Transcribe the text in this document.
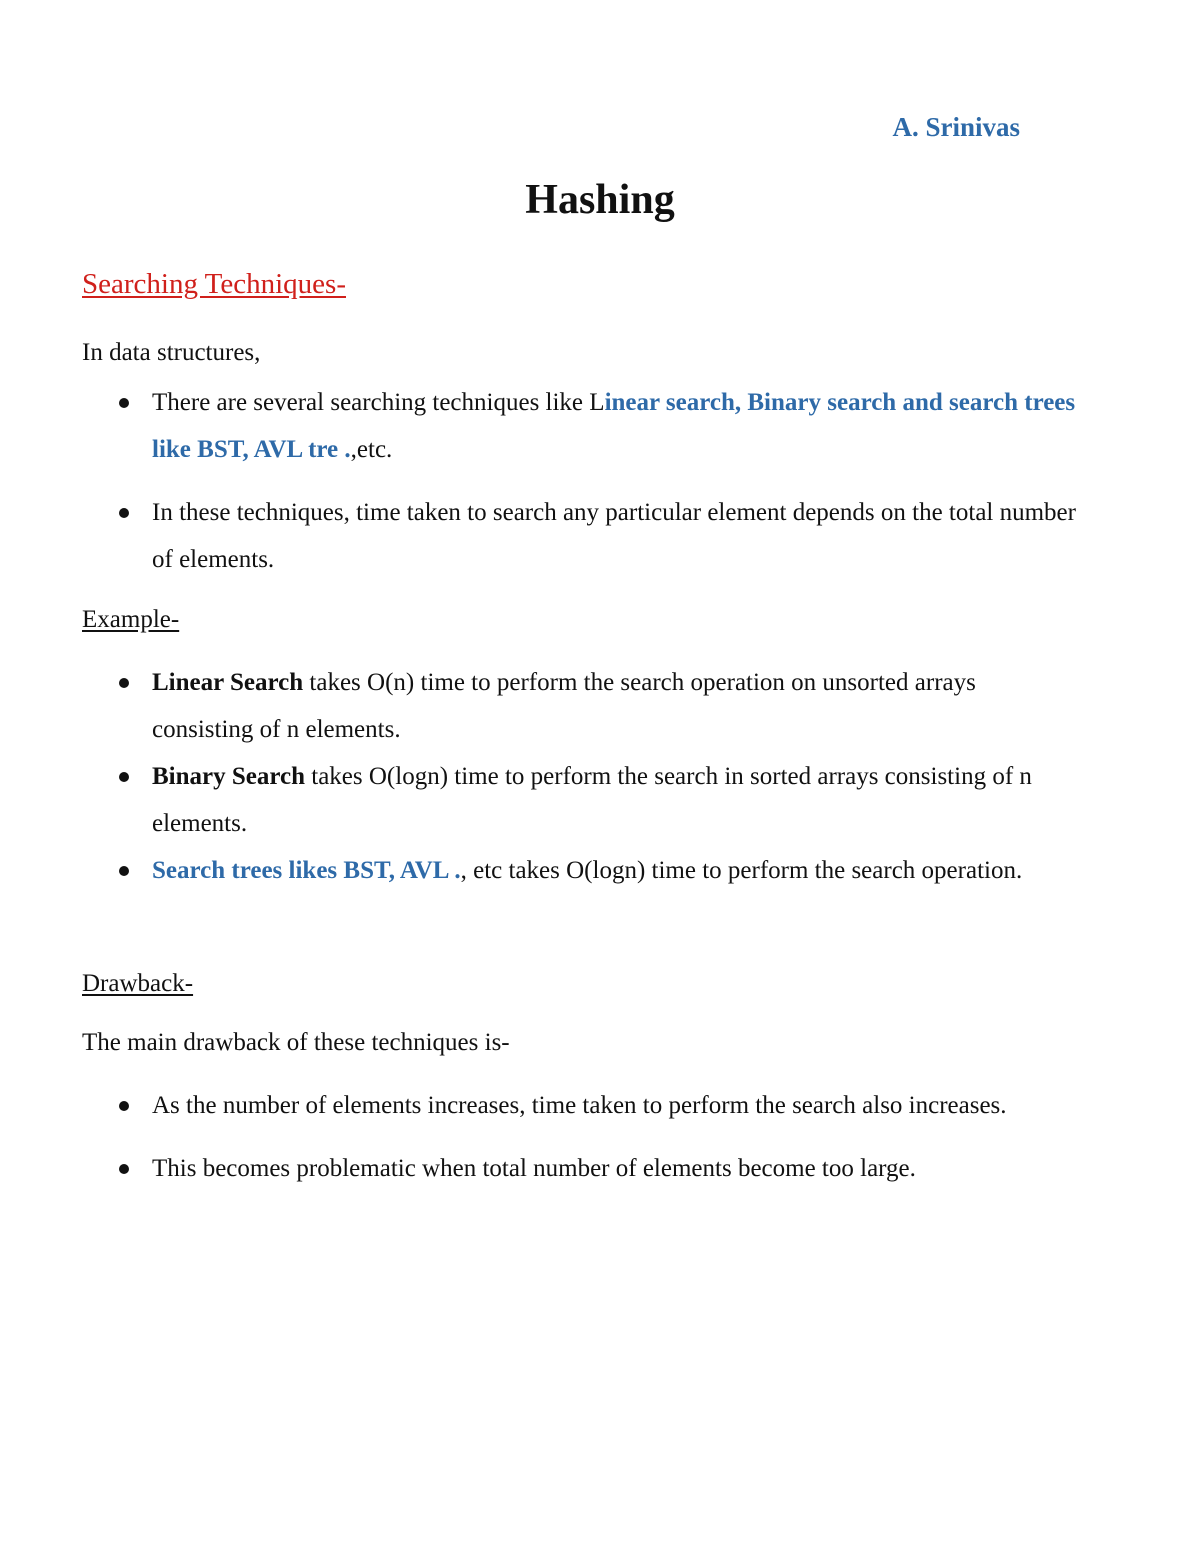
A. Srinivas
Hashing
Searching Techniques-
In data structures,
There are several searching techniques like Linear search, Binary search and search trees like BST, AVL tre .,etc.
In these techniques, time taken to search any particular element depends on the total number of elements.
Example-
Linear Search takes O(n) time to perform the search operation on unsorted arrays consisting of n elements.
Binary Search takes O(logn) time to perform the search in sorted arrays consisting of n elements.
Search trees likes BST, AVL ., etc takes O(logn) time to perform the search operation.
Drawback-
The main drawback of these techniques is-
As the number of elements increases, time taken to perform the search also increases.
This becomes problematic when total number of elements become too large.
